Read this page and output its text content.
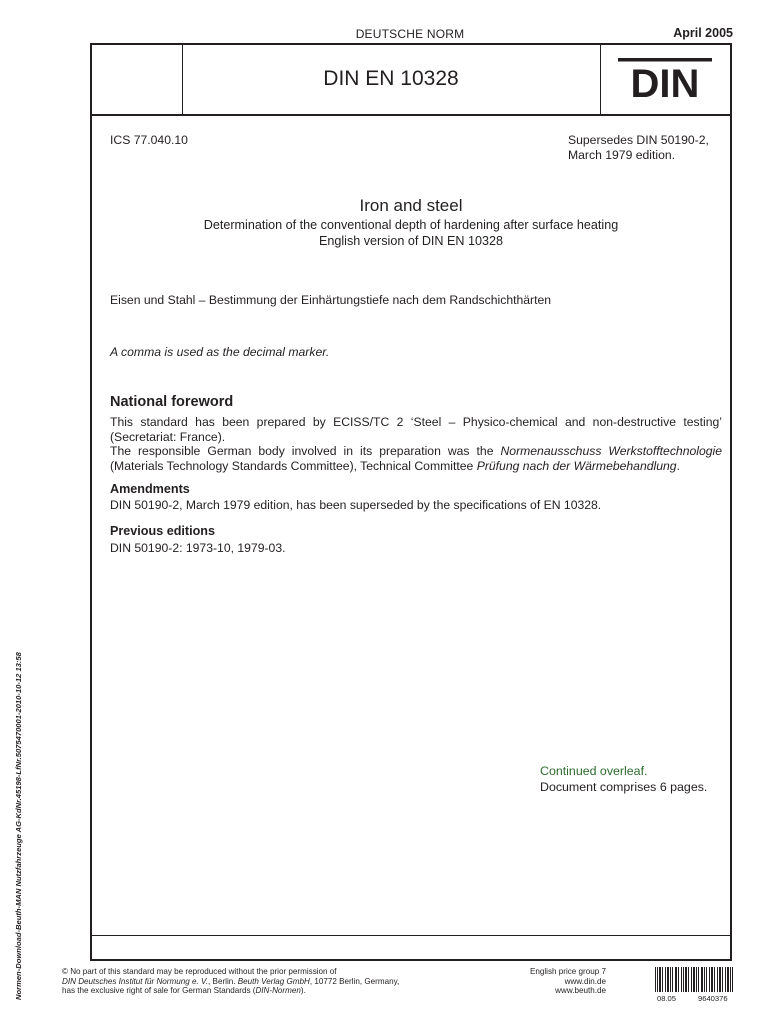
DEUTSCHE NORM	April 2005
DIN EN 10328	DIN
ICS 77.040.10	Supersedes DIN 50190-2,
March 1979 edition.
Iron and steel
Determination of the conventional depth of hardening after surface heating
English version of DIN EN 10328
Eisen und Stahl – Bestimmung der Einhärtungstiefe nach dem Randschichthärten
A comma is used as the decimal marker.
National foreword

This standard has been prepared by ECISS/TC 2 ‘Steel – Physico-chemical and non-destructive testing’ (Secretariat: France).

The responsible German body involved in its preparation was the Normenausschuss Werkstofftechnologie (Materials Technology Standards Committee), Technical Committee Prüfung nach der Wärmebehandlung.

Amendments
DIN 50190-2, March 1979 edition, has been superseded by the specifications of EN 10328.
Previous editions
DIN 50190-2: 1973-10, 1979-03.
Continued overleaf.
Document comprises 6 pages.
Normen-Download-Beuth-MAN Nutzfahrzeuge AG-KdNr.45198-LfNr.5075470001-2010-10-12 13:58	© No part of this standard may be reproduced without the prior permission of
DIN Deutsches Institut für Normung e. V., Berlin. Beuth Verlag GmbH, 10772 Berlin, Germany,
has the exclusive right of sale for German Standards (DIN-Normen).
English price group 7
www.din.de
www.beuth.de
08.05	9640376
